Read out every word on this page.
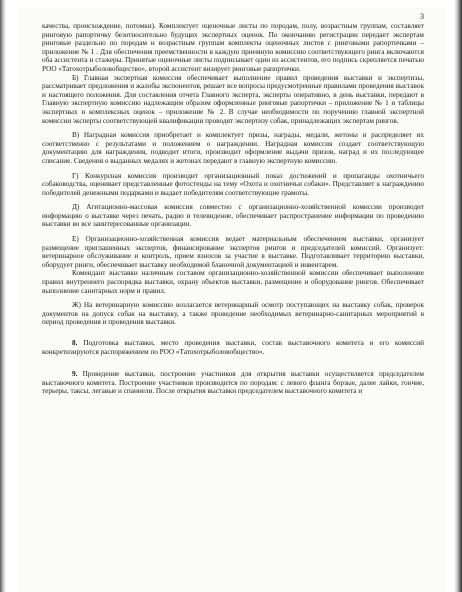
3

качества, происхождение, потомки). Комплектует оценочные листы по породам, полу, возрастным группам, составляет ринговую рапортичку безотносительно будущих экспертных оценок. По окончанию регистрации передает экспертам ринговые раздельно по породам и возрастным группам комплекты оценочных листов с ринговыми рапортичками – приложение № 1 . Для обеспечения преемственности в каждую приемную комиссию соответствующего ринга включаются оба ассистента и стажеры. Принятые оценочные листы подписывает один из ассистентов, его подпись скрепляется печатью РОО «Татохотрыболовобщество», второй ассистент визирует ринговые рапортички.

Б) Главная экспертная комиссия обеспечивает выполнение правил проведения выставки и экспертизы, рассматривает предложения и жалобы экспонентов, решает все вопросы предусмотренные правилами проведения выставок и настоящего положения. Для составления отчета Главного эксперта, эксперты оперативно, в день выставки, передают в Главную экспертную комиссию надлежащим образом оформленные ринговые рапортички – приложение № 1 и таблицы экспертных и комплексных оценок – приложение № 2. В случае необходимости по поручению главной экспертной комиссии эксперты соответствующей квалификации проводят экспертизу собак, принадлежащих экспертам рингов.

В) Наградная комиссия приобретает и комплектует призы, награды, медали, жетоны и распределяет их соответственно с результатами и положением о награждении. Наградная комиссия создает соответствующую документацию для награждения, подводит итоги, производит оформление выдачи призов, наград и их последующее списание. Сведения о выданных медалях и жетонах передают в главную экспертную комиссию.

Г) Конкурсная комиссия производит организационный показ достижений и пропаганды охотничьего собаководства, оценивает представленные фотостенды на тему «Охота и охотничьи собаки». Представляет к награждению победителей денежными подарками и выдает победителям соответствующие грамоты.

Д) Агитационно-массовая комиссия совместно с организационно-хозяйственной комиссии производит информацию о выставке через печать, радио и телевидение, обеспечивает распространение информации по проведению выставки во все заинтересованные организации.

Е) Организационно-хозяйственная комиссия ведает материальным обеспечением выставки, организует размещение приглашенных экспертов, финансирование экспертов рингов и председателей комиссий. Организует: ветеринарное обслуживание и контроль, прием взносов за участие в выставке. Подготавливает территорию выставки, оборудует ринги, обеспечивает выставку необходимой бланочной документацией и инвентарем.

Комендант выставки наличным составом организационно-хозяйственной комиссии обеспечивает выполнение правил внутреннего распорядка выставки, охрану объектов выставки, размещение и оборудование рингов. Обеспечивает выполнение санитарных норм и правил.

Ж) На ветеринарную комиссию возлагается ветеринарный осмотр поступающих на выставку собак, проверок документов на допуск собак на выставку, а также проведение необходимых ветеринарно-санитарных мероприятий в период проведения и проведения выставки.

8. Подготовка выставки, место проведения выставки, состав выставочного комитета и его комиссий конкретизируются распоряжением по РОО «Татохотрыболовобщество».

9. Проведение выставки, построение участников для открытия выставки осуществляется председателем выставочного комитета. Построение участников производится по породам: с левого фланга борзые, далее лайки, гончие, терьеры, таксы, легавые и спаниели. После открытия выставки председателем выставочного комитета и
